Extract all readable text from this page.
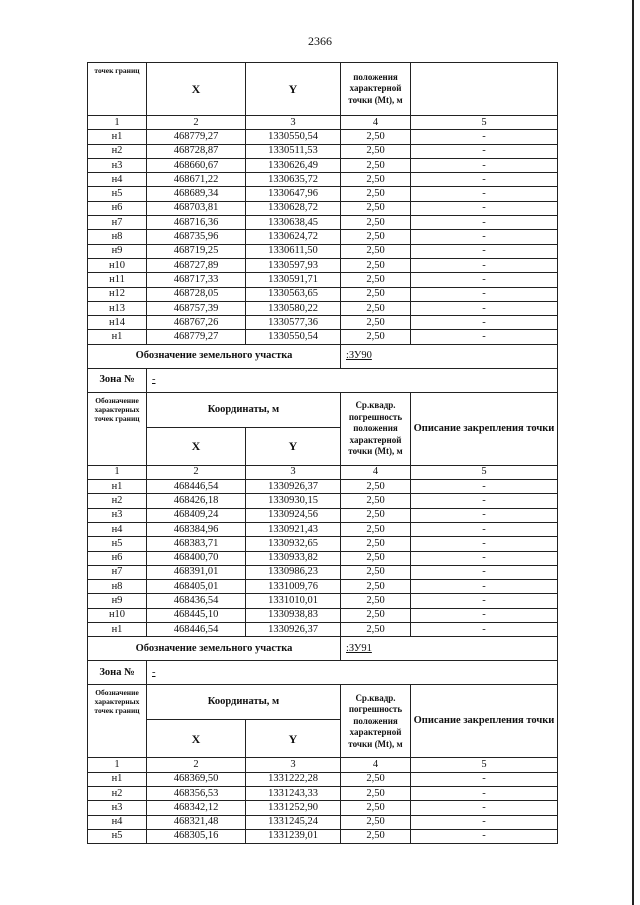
2366
точек границ	X	Y	положения характерной точки (Mt), м	
1	2	3	4	5
н1	468779,27	1330550,54	2,50	-
н2	468728,87	1330511,53	2,50	-
н3	468660,67	1330626,49	2,50	-
н4	468671,22	1330635,72	2,50	-
н5	468689,34	1330647,96	2,50	-
н6	468703,81	1330628,72	2,50	-
н7	468716,36	1330638,45	2,50	-
н8	468735,96	1330624,72	2,50	-
н9	468719,25	1330611,50	2,50	-
н10	468727,89	1330597,93	2,50	-
н11	468717,33	1330591,71	2,50	-
н12	468728,05	1330563,65	2,50	-
н13	468757,39	1330580,22	2,50	-
н14	468767,26	1330577,36	2,50	-
н1	468779,27	1330550,54	2,50	-
Обозначение земельного участка			:ЗУ90	
Зона №	-			
Обозначение характерных точек границ	Координаты, м		Ср.квадр. погрешность положения характерной точки (Mt), м	Описание закрепления точки
	X	Y		
1	2	3	4	5
н1	468446,54	1330926,37	2,50	-
н2	468426,18	1330930,15	2,50	-
н3	468409,24	1330924,56	2,50	-
н4	468384,96	1330921,43	2,50	-
н5	468383,71	1330932,65	2,50	-
н6	468400,70	1330933,82	2,50	-
н7	468391,01	1330986,23	2,50	-
н8	468405,01	1331009,76	2,50	-
н9	468436,54	1331010,01	2,50	-
н10	468445,10	1330938,83	2,50	-
н1	468446,54	1330926,37	2,50	-
Обозначение земельного участка			:ЗУ91	
Зона №	-			
Обозначение характерных точек границ	Координаты, м		Ср.квадр. погрешность положения характерной точки (Mt), м	Описание закрепления точки
	X	Y		
1	2	3	4	5
н1	468369,50	1331222,28	2,50	-
н2	468356,53	1331243,33	2,50	-
н3	468342,12	1331252,90	2,50	-
н4	468321,48	1331245,24	2,50	-
н5	468305,16	1331239,01	2,50	-
